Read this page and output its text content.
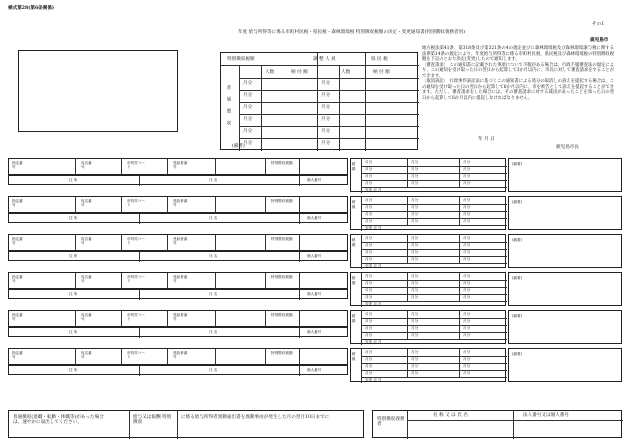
様式第28(第6条関係)
その1
鹿児島市
年度 給与所得等に係る市町村民税・県民税・森林環境税 特別徴収税額の決定・変更通知書(特別徴収義務者用)
特別徴収税額	調 整 人 員	県 民 税
人数	納 付 額	人数	納 付 額
普 通 徴 収
月分
月分
月分
月分
月分
月分
月分
月分
月分
月分
月分
月分
(備考)
地方税法第41条、第318条及び第321条の4の規定並びに森林環境税及び森林環境譲与税に関する法律第14条の規定により、年度給与所得等に係る市町村民税、県民税及び森林環境税の特別徴収税額を下記のとおり決定(変更)したので通知します。
〔審査請求〕 この通知書に記載された事項について不服がある場合は、行政不服審査法の規定により、この通知を受け取った日の翌日から起算して3か月以内に、市長に対して審査請求をすることができます。
〔取消訴訟〕 行政事件訴訟法に基づくこの通知書による処分の取消しの訴えを提起する場合は、この通知を受け取った日の翌日から起算して6か月以内に、市を被告として訴えを提起することができます。ただし、審査請求をした場合には、その審査請求に対する裁決があったことを知った日の翌日から起算して6か月以内に提起しなければなりません。
年 月 日
鹿児島市長
指定番号
宛名番号
市町村コード
受給者番号
特別徴収税額
住 所	氏 名	個人番号
納期	月分	月分	月分
月分	月分	月分
月分	月分	月分
月分	月分	月分
変更 月 日
(摘要)
指定番号
宛名番号
市町村コード
受給者番号
特別徴収税額
住 所	氏 名	個人番号
納期	月分	月分	月分
月分	月分	月分
月分	月分	月分
月分	月分	月分
変更 月 日
(摘要)
指定番号
宛名番号
市町村コード
受給者番号
特別徴収税額
住 所	氏 名	個人番号
納期	月分	月分	月分
月分	月分	月分
月分	月分	月分
月分	月分	月分
変更 月 日
(摘要)
指定番号
宛名番号
市町村コード
受給者番号
特別徴収税額
住 所	氏 名	個人番号
納期	月分	月分	月分
月分	月分	月分
月分	月分	月分
月分	月分	月分
変更 月 日
(摘要)
指定番号
宛名番号
市町村コード
受給者番号
特別徴収税額
住 所	氏 名	個人番号
納期	月分	月分	月分
月分	月分	月分
月分	月分	月分
月分	月分	月分
変更 月 日
(摘要)
指定番号
宛名番号
市町村コード
受給者番号
特別徴収税額
住 所	氏 名	個人番号
納期	月分	月分	月分
月分	月分	月分
月分	月分	月分
月分	月分	月分
変更 月 日
(摘要)
普通徴収(退職・転勤・休職等)があった場合は、速やかに届出してください。
給与又は報酬 特別徴収
に係る給与所得者異動届出書を異動事由が発生した月の翌月10日までに	特別徴収義務者
名 称 又 は 氏 名	法人番号又は個人番号
